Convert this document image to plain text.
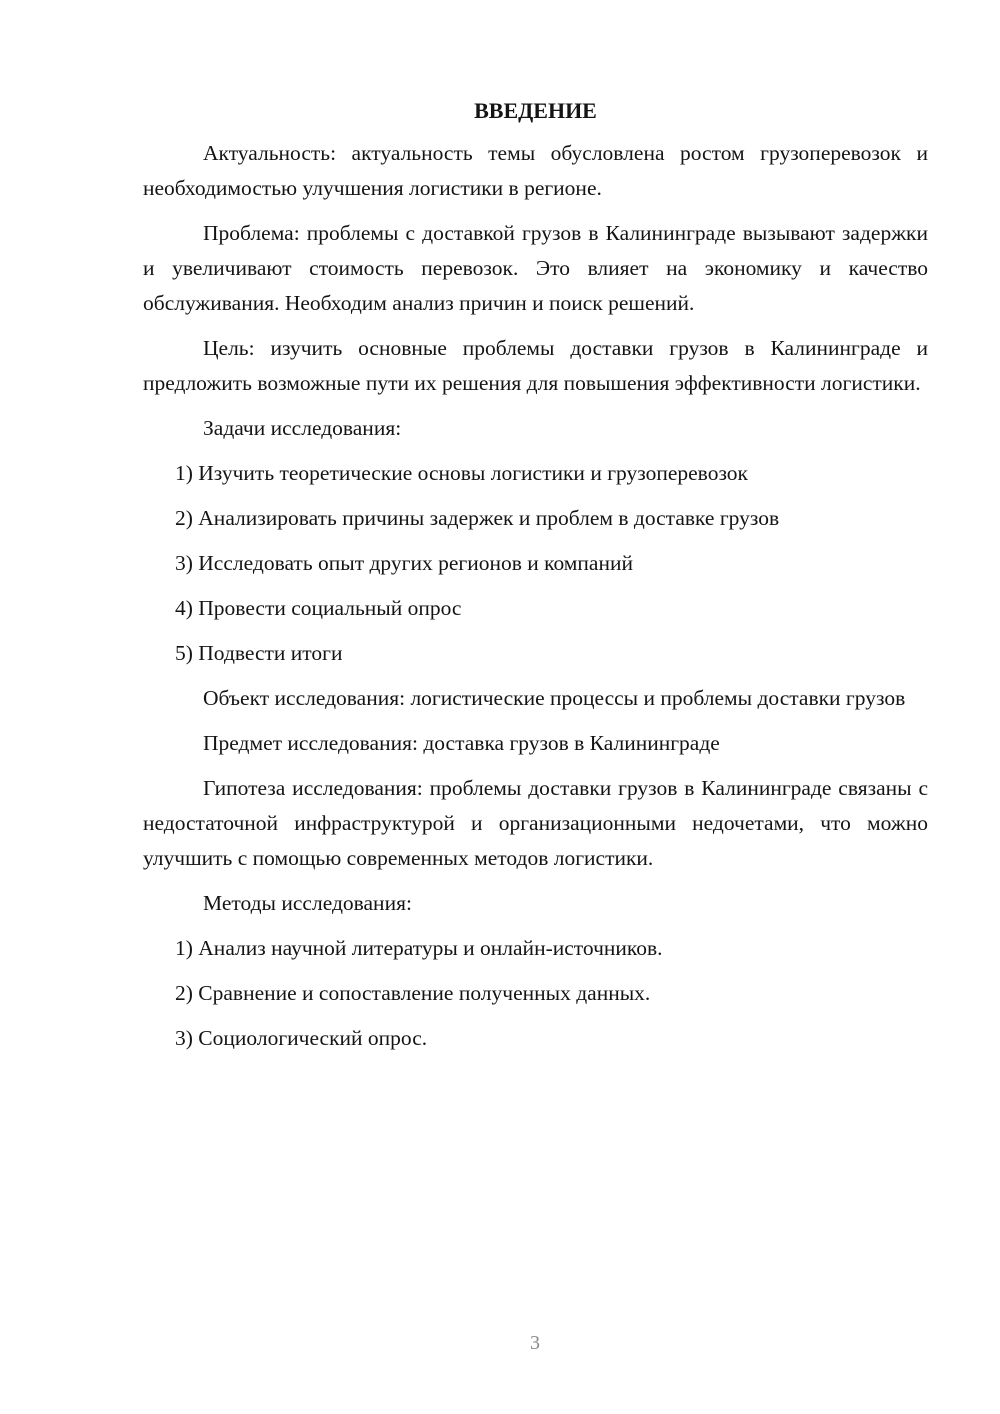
ВВЕДЕНИЕ

Актуальность: актуальность темы обусловлена ростом грузоперевозок и необходимостью улучшения логистики в регионе.

Проблема: проблемы с доставкой грузов в Калининграде вызывают задержки и увеличивают стоимость перевозок. Это влияет на экономику и качество обслуживания. Необходим анализ причин и поиск решений.

Цель: изучить основные проблемы доставки грузов в Калининграде и предложить возможные пути их решения для повышения эффективности логистики.

Задачи исследования:
1) Изучить теоретические основы логистики и грузоперевозок
2) Анализировать причины задержек и проблем в доставке грузов
3) Исследовать опыт других регионов и компаний
4) Провести социальный опрос
5) Подвести итоги

Объект исследования: логистические процессы и проблемы доставки грузов

Предмет исследования: доставка грузов в Калининграде

Гипотеза исследования: проблемы доставки грузов в Калининграде связаны с недостаточной инфраструктурой и организационными недочетами, что можно улучшить с помощью современных методов логистики.

Методы исследования:
1) Анализ научной литературы и онлайн-источников.
2) Сравнение и сопоставление полученных данных.
3) Социологический опрос.
3
